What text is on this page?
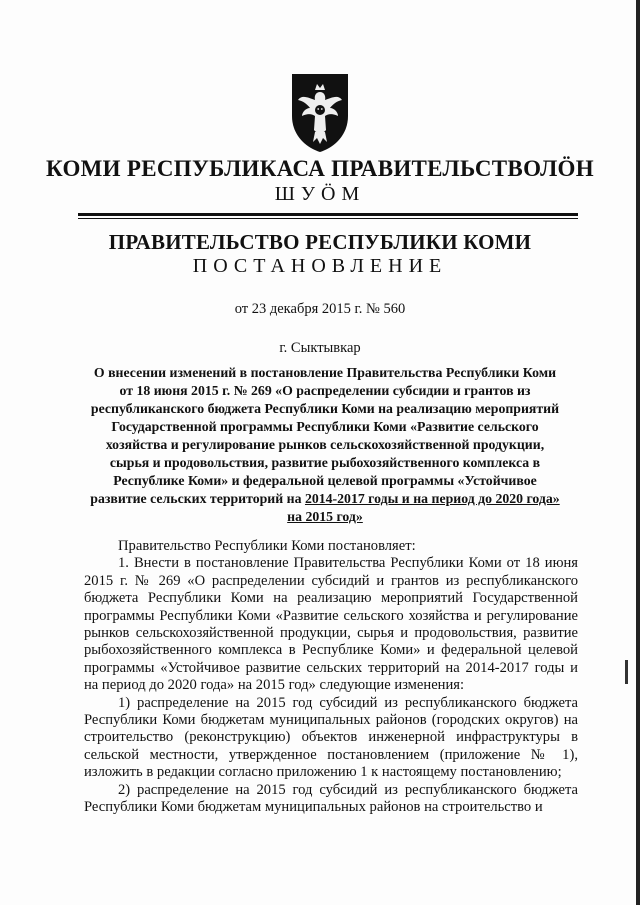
КОМИ РЕСПУБЛИКАСА ПРАВИТЕЛЬСТВОЛӦН
ШУӦМ
ПРАВИТЕЛЬСТВО РЕСПУБЛИКИ КОМИ
ПОСТАНОВЛЕНИЕ
от 23 декабря 2015 г. № 560
г. Сыктывкар
О внесении изменений в постановление Правительства Республики Коми от 18 июня 2015 г. № 269 «О распределении субсидии и грантов из республиканского бюджета Республики Коми на реализацию мероприятий Государственной программы Республики Коми «Развитие сельского хозяйства и регулирование рынков сельскохозяйственной продукции, сырья и продовольствия, развитие рыбохозяйственного комплекса в Республике Коми» и федеральной целевой программы «Устойчивое развитие сельских территорий на 2014-2017 годы и на период до 2020 года» на 2015 год»

Правительство Республики Коми постановляет:

1. Внести в постановление Правительства Республики Коми от 18 июня 2015 г. № 269 «О распределении субсидий и грантов из республиканского бюджета Республики Коми на реализацию мероприятий Государственной программы Республики Коми «Развитие сельского хозяйства и регулирование рынков сельскохозяйственной продукции, сырья и продовольствия, развитие рыбохозяйственного комплекса в Республике Коми» и федеральной целевой программы «Устойчивое развитие сельских территорий на 2014-2017 годы и на период до 2020 года» на 2015 год» следующие изменения:

1) распределение на 2015 год субсидий из республиканского бюджета Республики Коми бюджетам муниципальных районов (городских округов) на строительство (реконструкцию) объектов инженерной инфраструктуры в сельской местности, утвержденное постановлением (приложение № 1), изложить в редакции согласно приложению 1 к настоящему постановлению;

2) распределение на 2015 год субсидий из республиканского бюджета Республики Коми бюджетам муниципальных районов на строительство и
